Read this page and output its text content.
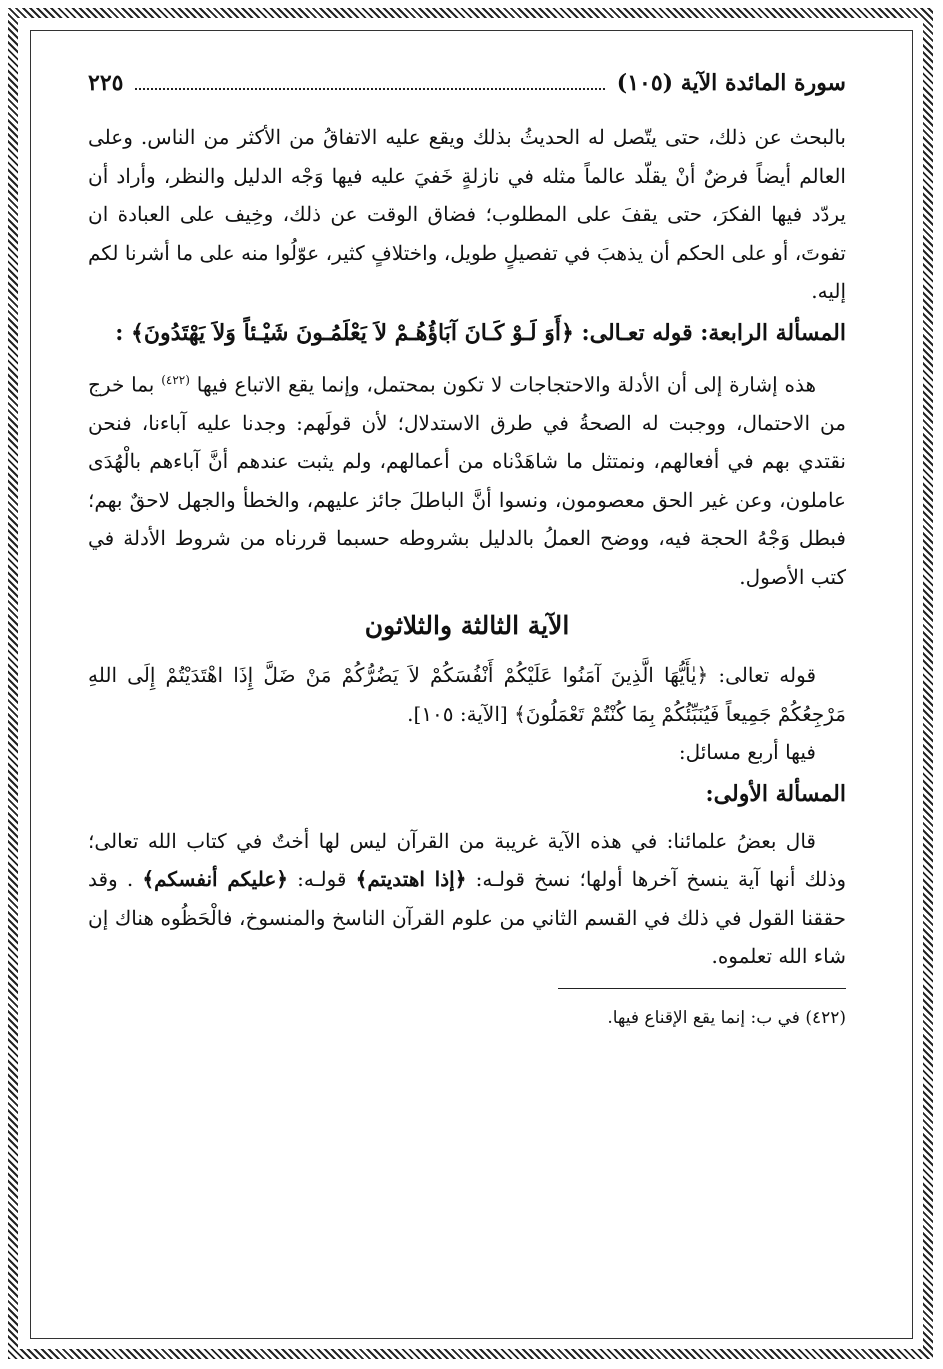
سورة المائدة الآية (١٠٥)
٢٢٥

بالبحث عن ذلك، حتى يتّصل له الحديثُ بذلك ويقع عليه الاتفاقُ من الأكثر من الناس. وعلى العالم أيضاً فرضٌ أنْ يقلّد عالماً مثله في نازلةٍ خَفيَ عليه فيها وَجْه الدليل والنظر، وأراد أن يردّد فيها الفكرَ، حتى يقفَ على المطلوب؛ فضاق الوقت عن ذلك، وخِيف على العبادة ان تفوتَ، أو على الحكم أن يذهبَ في تفصيلٍ طويل، واختلافٍ كثير، عوّلُوا منه على ما أشرنا لكم إليه.

المسألة الرابعة: قوله تعـالى: ﴿أَوَ لَـوْ كَـانَ آبَاؤُهُـمْ لاَ يَعْلَمُـونَ شَيْـئاً وَلاَ يَهْتَدُونَ﴾ :

هذه إشارة إلى أن الأدلة والاحتجاجات لا تكون بمحتمل، وإنما يقع الاتباع فيها $^{(٤٢٢)}$ بما خرج من الاحتمال، ووجبت له الصحةُ في طرق الاستدلال؛ لأن قولَهم: وجدنا عليه آباءنا، فنحن نقتدي بهم في أفعالهم، ونمتثل ما شاهَدْناه من أعمالهم، ولم يثبت عندهم أنَّ آباءهم بالْهُدَى عاملون، وعن غير الحق معصومون، ونسوا أنَّ الباطلَ جائز عليهم، والخطأ والجهل لاحقٌ بهم؛ فبطل وَجْهُ الحجة فيه، ووضح العملُ بالدليل بشروطه حسبما قررناه من شروط الأدلة في كتب الأصول.

الآية الثالثة والثلاثون

قوله تعالى: ﴿يٰأَيُّهَا الَّذِينَ آمَنُوا عَلَيْكُمْ أَنْفُسَكُمْ لاَ يَضُرُّكُمْ مَنْ ضَلَّ إِذَا اهْتَدَيْتُمْ إِلَى اللهِ مَرْجِعُكُمْ جَمِيعاً فَيُنَبِّئُكُمْ بِمَا كُنْتُمْ تَعْمَلُونَ﴾ [الآية: ١٠٥].

فيها أربع مسائل:

المسألة الأولى:

قال بعضُ علمائنا: في هذه الآية غريبة من القرآن ليس لها أختٌ في كتاب الله تعالى؛ وذلك أنها آية ينسخ آخرها أولها؛ نسخ قولـه: ﴿إذا اهتديتم﴾ قولـه: ﴿عليكم أنفسكم﴾ . وقد حققنا القول في ذلك في القسم الثاني من علوم القرآن الناسخ والمنسوخ، فالْحَظُوه هناك إن شاء الله تعلموه.

(٤٢٢) في ب: إنما يقع الإقناع فيها.
